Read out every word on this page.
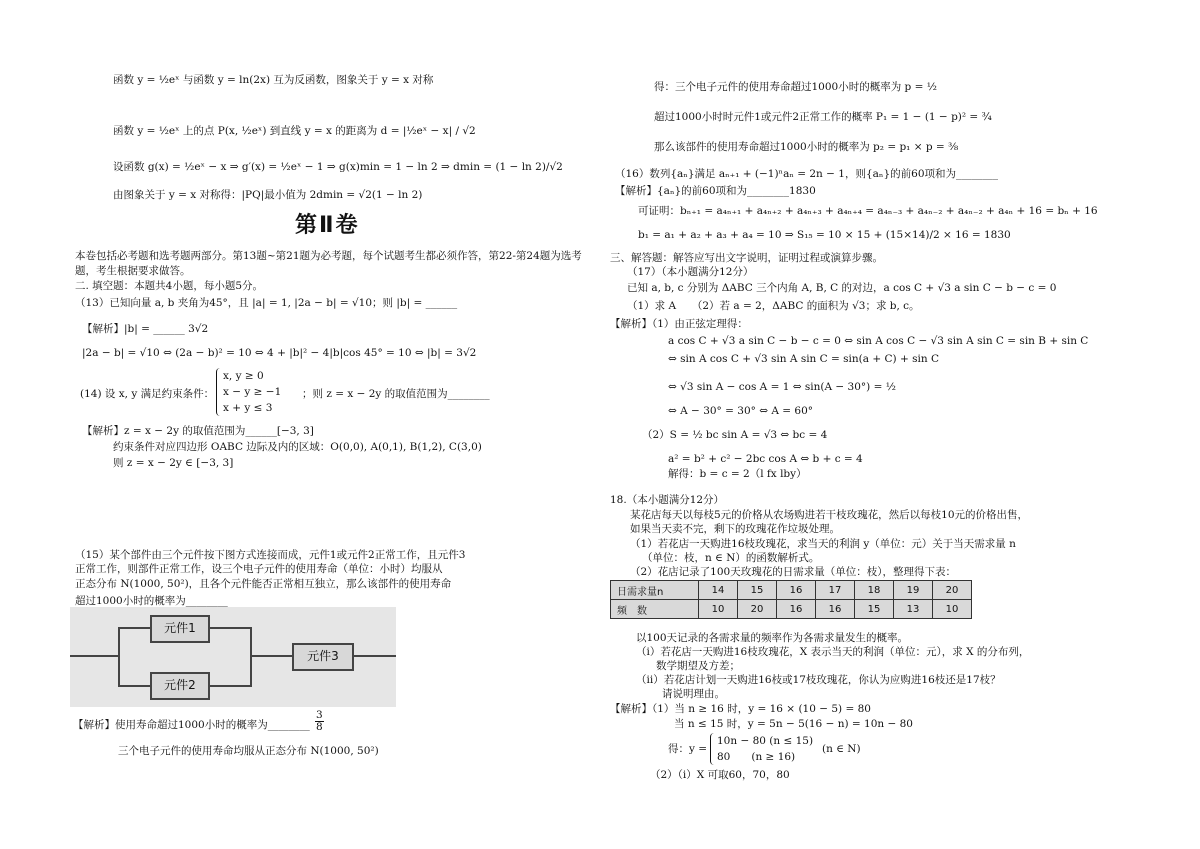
函数 y = ½eˣ 与函数 y = ln(2x) 互为反函数，图象关于 y = x 对称
函数 y = ½eˣ 上的点 P(x, ½eˣ) 到直线 y = x 的距离为 d = |½eˣ − x| / √2
设函数 g(x) = ½eˣ − x ⇒ g′(x) = ½eˣ − 1 ⇒ g(x)min = 1 − ln 2 ⇒ dmin = (1 − ln 2)/√2
由图象关于 y = x 对称得：|PQ|最小值为 2dmin = √2(1 − ln 2)
第Ⅱ卷
本卷包括必考题和选考题两部分。第13题~第21题为必考题，每个试题考生都必须作答，第22-第24题为选考
题，考生根据要求做答。
二. 填空题：本题共4小题，每小题5分。
（13）已知向量 a, b 夹角为45°，且 |a| = 1, |2a − b| = √10；则 |b| = ______
【解析】|b| = ______ 3√2
|2a − b| = √10 ⇔ (2a − b)² = 10 ⇔ 4 + |b|² − 4|b|cos 45° = 10 ⇔ |b| = 3√2
(14) 设 x, y 满足约束条件：
x, y ≥ 0
x − y ≥ −1
x + y ≤ 3
；则 z = x − 2y 的取值范围为________
【解析】z = x − 2y 的取值范围为______[−3, 3]
约束条件对应四边形 OABC 边际及内的区域：O(0,0), A(0,1), B(1,2), C(3,0)
则 z = x − 2y ∈ [−3, 3]
（15）某个部件由三个元件按下图方式连接而成，元件1或元件2正常工作，且元件3
正常工作，则部件正常工作，设三个电子元件的使用寿命（单位：小时）均服从
正态分布 N(1000, 50²)，且各个元件能否正常相互独立，那么该部件的使用寿命
超过1000小时的概率为________
元件1
元件2
元件3
【解析】使用寿命超过1000小时的概率为________ $\frac{3}{8}$
三个电子元件的使用寿命均服从正态分布 N(1000, 50²)
得：三个电子元件的使用寿命超过1000小时的概率为 p = ½
超过1000小时时元件1或元件2正常工作的概率 P₁ = 1 − (1 − p)² = ¾
那么该部件的使用寿命超过1000小时的概率为 p₂ = p₁ × p = ⅜
（16）数列{aₙ}满足 aₙ₊₁ + (−1)ⁿaₙ = 2n − 1，则{aₙ}的前60项和为________
【解析】{aₙ}的前60项和为________1830
可证明：bₙ₊₁ = a₄ₙ₊₁ + a₄ₙ₊₂ + a₄ₙ₊₃ + a₄ₙ₊₄ = a₄ₙ₋₃ + a₄ₙ₋₂ + a₄ₙ₋₂ + a₄ₙ + 16 = bₙ + 16
b₁ = a₁ + a₂ + a₃ + a₄ = 10 ⇒ S₁₅ = 10 × 15 + (15×14)/2 × 16 = 1830
三、解答题：解答应写出文字说明，证明过程或演算步骤。
（17）（本小题满分12分）
已知 a, b, c 分别为 ΔABC 三个内角 A, B, C 的对边，a cos C + √3 a sin C − b − c = 0
（1）求 A　　（2）若 a = 2，ΔABC 的面积为 √3；求 b, c。
【解析】（1）由正弦定理得：
a cos C + √3 a sin C − b − c = 0 ⇔ sin A cos C − √3 sin A sin C = sin B + sin C
⇔ sin A cos C + √3 sin A sin C = sin(a + C) + sin C
⇔ √3 sin A − cos A = 1 ⇔ sin(A − 30°) = ½
⇔ A − 30° = 30° ⇔ A = 60°
（2）S = ½ bc sin A = √3 ⇔ bc = 4
a² = b² + c² − 2bc cos A ⇔ b + c = 4
解得：b = c = 2（l fx lby）
18.（本小题满分12分）
某花店每天以每枝5元的价格从农场购进若干枝玫瑰花，然后以每枝10元的价格出售，
如果当天卖不完，剩下的玫瑰花作垃圾处理。
（1）若花店一天购进16枝玫瑰花，求当天的利润 y（单位：元）关于当天需求量 n
（单位：枝，n ∈ N）的函数解析式。
（2）花店记录了100天玫瑰花的日需求量（单位：枝），整理得下表：
日需求量n	14	15	16	17	18	19	20
频　数	10	20	16	16	15	13	10
以100天记录的各需求量的频率作为各需求量发生的概率。
（i）若花店一天购进16枝玫瑰花，X 表示当天的利润（单位：元），求 X 的分布列，
数学期望及方差；
（ii）若花店计划一天购进16枝或17枝玫瑰花，你认为应购进16枝还是17枝？
请说明理由。
【解析】（1）当 n ≥ 16 时，y = 16 × (10 − 5) = 80
当 n ≤ 15 时，y = 5n − 5(16 − n) = 10n − 80
得：y =
10n − 80 (n ≤ 15)
80　　(n ≥ 16)
(n ∈ N)
（2）（i）X 可取60，70，80
